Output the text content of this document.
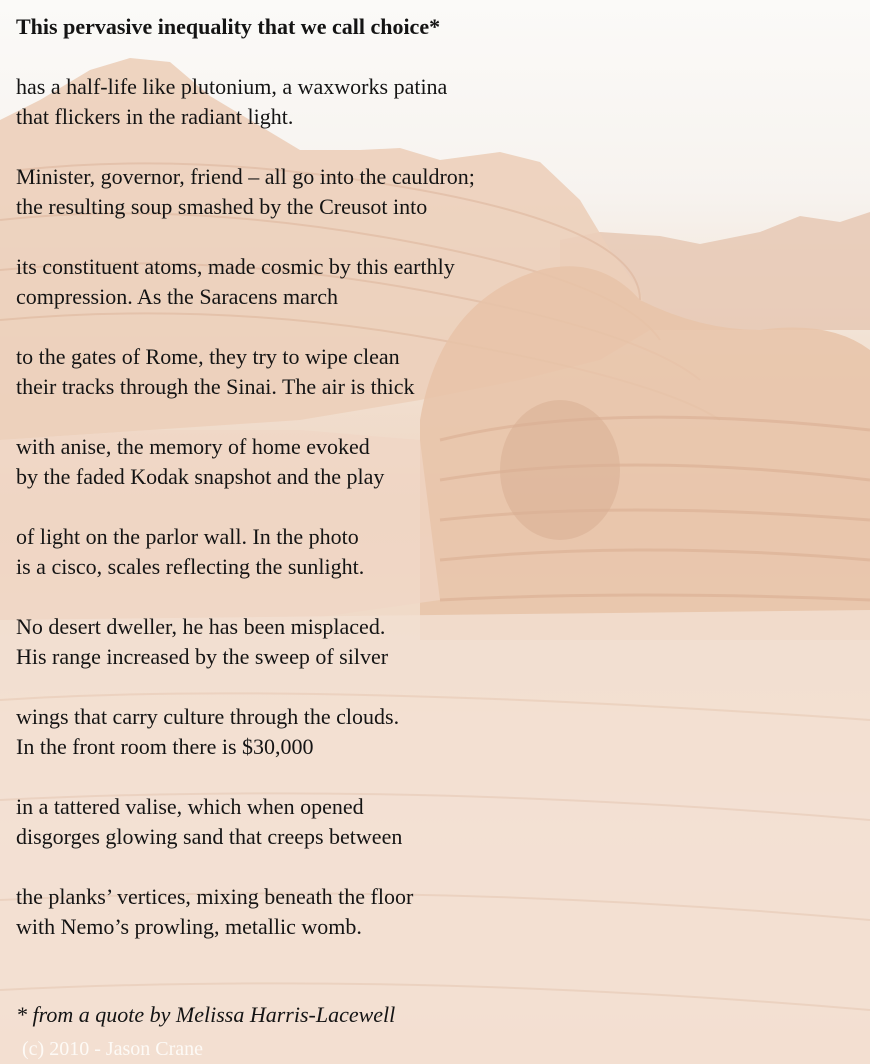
This pervasive inequality that we call choice*

has a half-life like plutonium, a waxworks patina
that flickers in the radiant light.
Minister, governor, friend – all go into the cauldron;
the resulting soup smashed by the Creusot into
its constituent atoms, made cosmic by this earthly
compression. As the Saracens march
to the gates of Rome, they try to wipe clean
their tracks through the Sinai. The air is thick
with anise, the memory of home evoked
by the faded Kodak snapshot and the play
of light on the parlor wall. In the photo
is a cisco, scales reflecting the sunlight.
No desert dweller, he has been misplaced.
His range increased by the sweep of silver
wings that carry culture through the clouds.
In the front room there is $30,000
in a tattered valise, which when opened
disgorges glowing sand that creeps between
the planks’ vertices, mixing beneath the floor
with Nemo’s prowling, metallic womb.
* from a quote by Melissa Harris-Lacewell
(c) 2010 - Jason Crane
